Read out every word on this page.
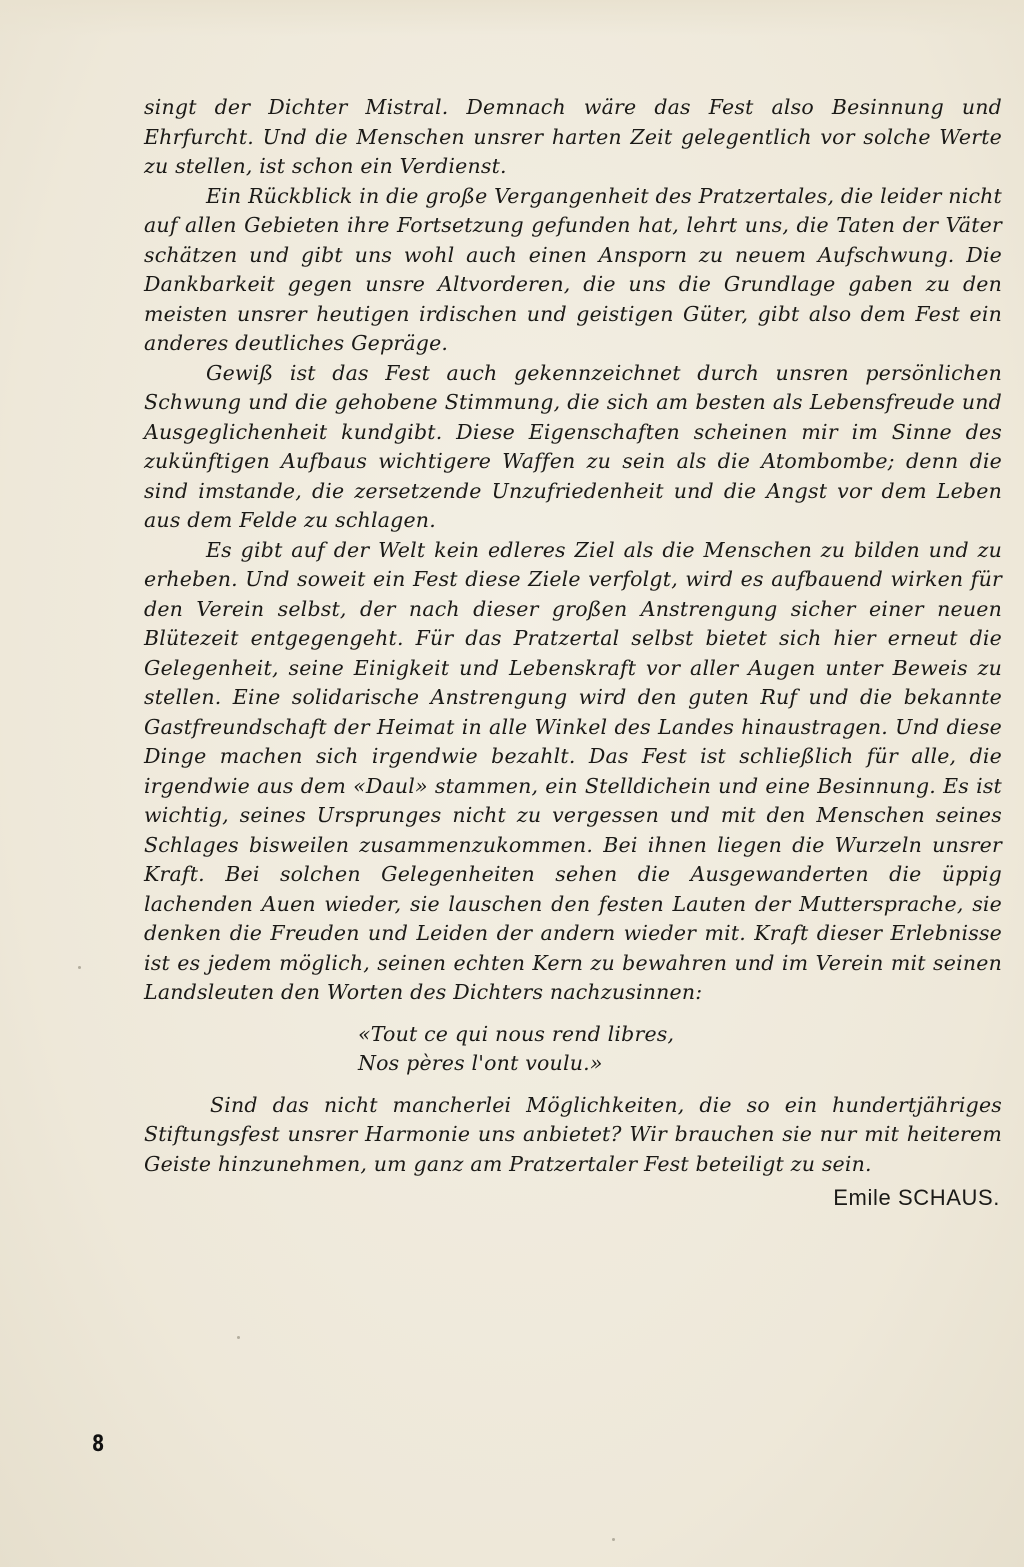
singt der Dichter Mistral. Demnach wäre das Fest also Besinnung und Ehrfurcht. Und die Menschen unsrer harten Zeit gelegentlich vor solche Werte zu stellen, ist schon ein Verdienst.

Ein Rückblick in die große Vergangenheit des Pratzertales, die leider nicht auf allen Gebieten ihre Fortsetzung gefunden hat, lehrt uns, die Taten der Väter schätzen und gibt uns wohl auch einen Ansporn zu neuem Aufschwung. Die Dankbarkeit gegen unsre Altvorderen, die uns die Grundlage gaben zu den meisten unsrer heutigen irdischen und geistigen Güter, gibt also dem Fest ein anderes deutliches Gepräge.

Gewiß ist das Fest auch gekennzeichnet durch unsren persönlichen Schwung und die gehobene Stimmung, die sich am besten als Lebensfreude und Ausgeglichenheit kundgibt. Diese Eigenschaften scheinen mir im Sinne des zukünftigen Aufbaus wichtigere Waffen zu sein als die Atombombe; denn die sind imstande, die zersetzende Unzufriedenheit und die Angst vor dem Leben aus dem Felde zu schlagen.

Es gibt auf der Welt kein edleres Ziel als die Menschen zu bilden und zu erheben. Und soweit ein Fest diese Ziele verfolgt, wird es aufbauend wirken für den Verein selbst, der nach dieser großen Anstrengung sicher einer neuen Blütezeit entgegengeht. Für das Pratzertal selbst bietet sich hier erneut die Gelegenheit, seine Einigkeit und Lebenskraft vor aller Augen unter Beweis zu stellen. Eine solidarische Anstrengung wird den guten Ruf und die bekannte Gastfreundschaft der Heimat in alle Winkel des Landes hinaustragen. Und diese Dinge machen sich irgendwie bezahlt. Das Fest ist schließlich für alle, die irgendwie aus dem «Daul» stammen, ein Stelldichein und eine Besinnung. Es ist wichtig, seines Ursprunges nicht zu vergessen und mit den Menschen seines Schlages bisweilen zusammenzukommen. Bei ihnen liegen die Wurzeln unsrer Kraft. Bei solchen Gelegenheiten sehen die Ausgewanderten die üppig lachenden Auen wieder, sie lauschen den festen Lauten der Muttersprache, sie denken die Freuden und Leiden der andern wieder mit. Kraft dieser Erlebnisse ist es jedem möglich, seinen echten Kern zu bewahren und im Verein mit seinen Landsleuten den Worten des Dichters nachzusinnen:

«Tout ce qui nous rend libres,
Nos pères l'ont voulu.»

Sind das nicht mancherlei Möglichkeiten, die so ein hundertjähriges Stiftungsfest unsrer Harmonie uns anbietet? Wir brauchen sie nur mit heiterem Geiste hinzunehmen, um ganz am Pratzertaler Fest beteiligt zu sein.

Emile SCHAUS.
8
